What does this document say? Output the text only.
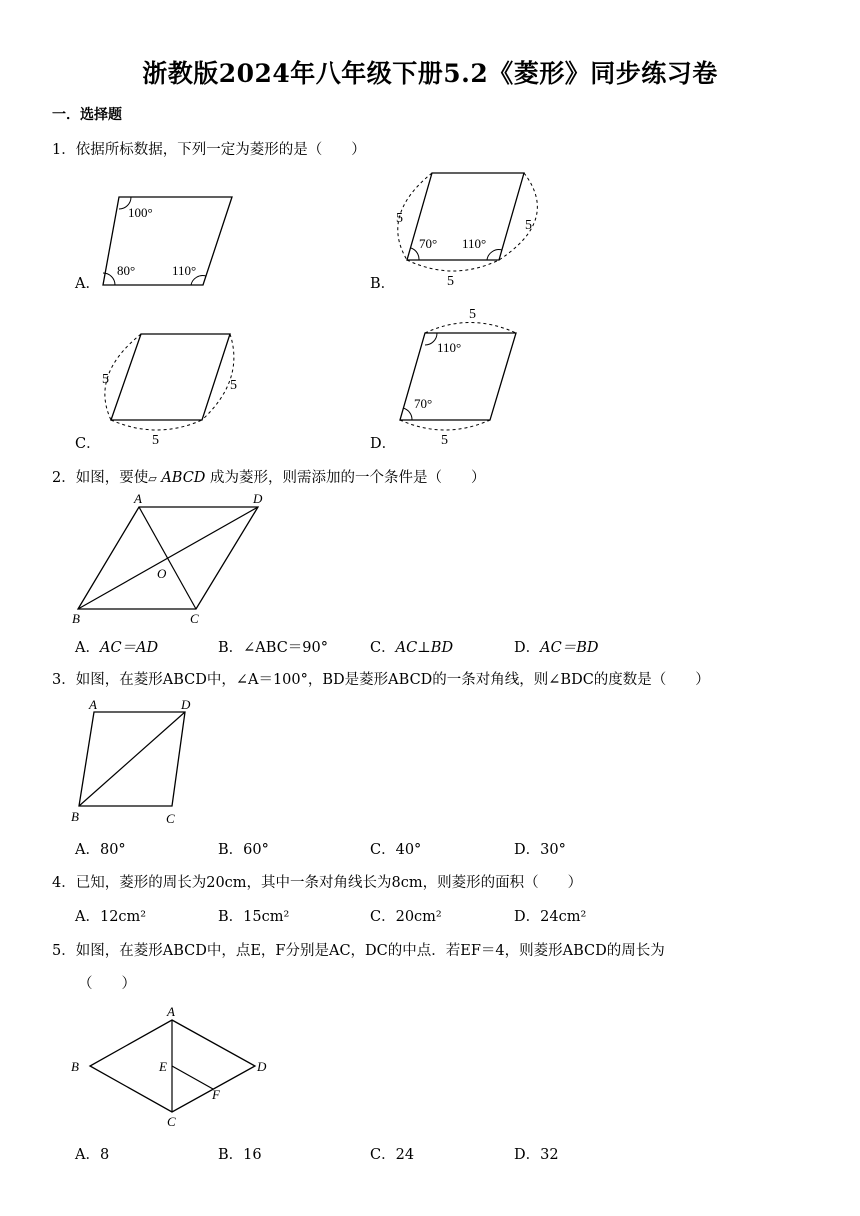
浙教版2024年八年级下册5.2《菱形》同步练习卷
一．选择题
1．依据所标数据，下列一定为菱形的是（　　）
A．
100°
80°	110°
B．
5	5
5
70° 110°
C．
5	5
5	D．
5
5
110°
70°
2．如图，要使▱ ABCD 成为菱形，则需添加的一个条件是（　　）
A	D
O
B	C
A．AC＝AD	B．∠ABC＝90°	C．AC⊥BD	D．AC＝BD
3．如图，在菱形ABCD中，∠A＝100°，BD是菱形ABCD的一条对角线，则∠BDC的度数是（　　）
A	D
B	C
A．80°	B．60°	C．40°	D．30°
4．已知，菱形的周长为20cm，其中一条对角线长为8cm，则菱形的面积（　　）
A．12cm²	B．15cm²	C．20cm²	D．24cm²
5．如图，在菱形ABCD中，点E，F分别是AC，DC的中点．若EF＝4，则菱形ABCD的周长为
（　　）
A
B	E	D
F
C
A．8	B．16	C．24	D．32
